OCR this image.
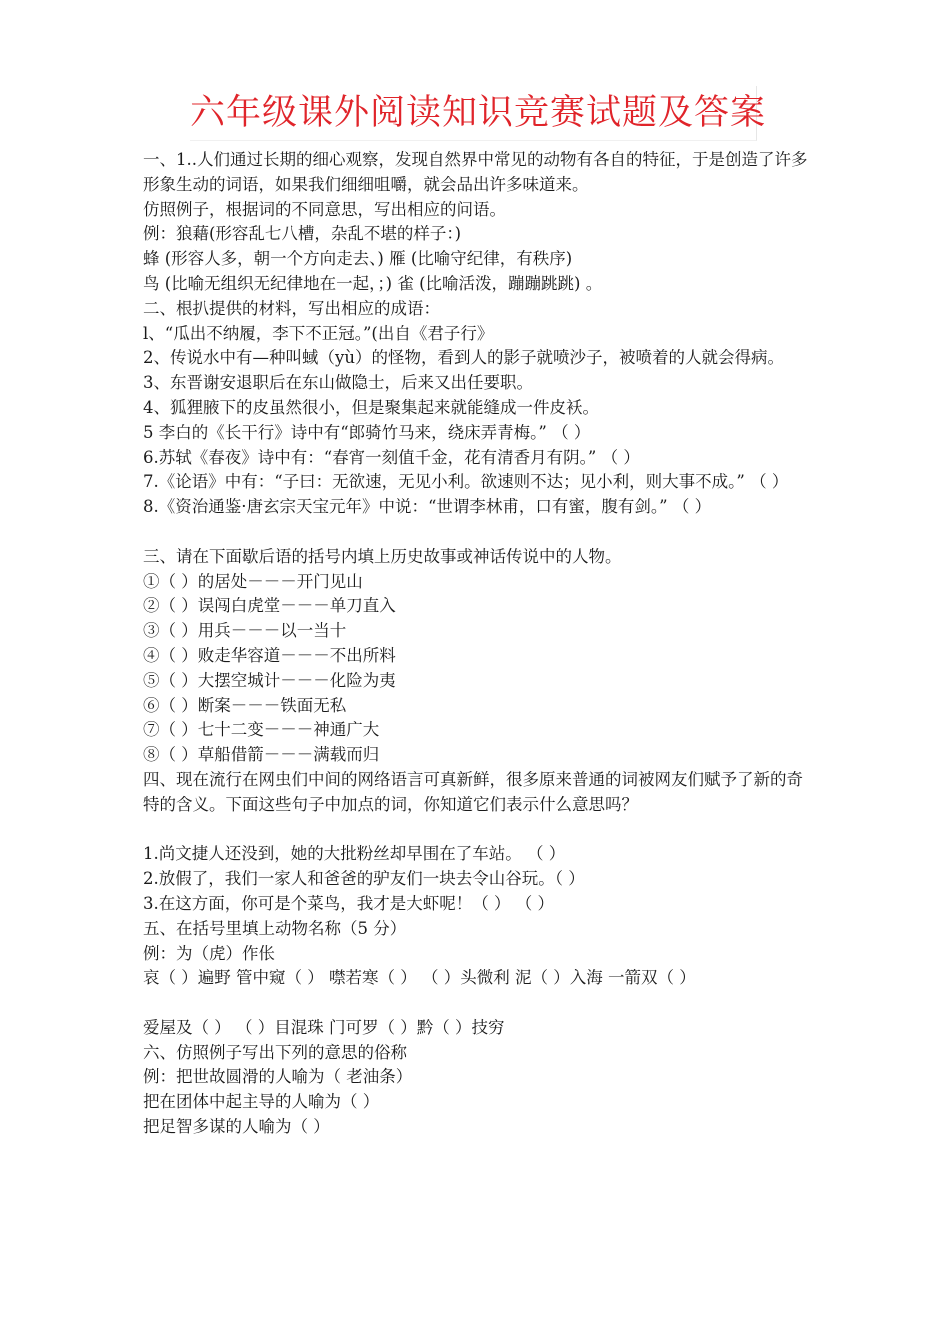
六年级课外阅读知识竞赛试题及答案

一、1..人们通过长期的细心观察，发现自然界中常见的动物有各自的特征，于是创造了许多形象生动的词语，如果我们细细咀嚼，就会品出许多味道来。

仿照例子，根据词的不同意思，写出相应的问语。

例：狼藉(形容乱七八槽，杂乱不堪的样子：)

蜂 (形容人多，朝一个方向走去、) 雁 (比喻守纪律，有秩序)

鸟 (比喻无组织无纪律地在一起，；) 雀 (比喻活泼，蹦蹦跳跳) 。

二、根扒提供的材料，写出相应的成语：

l、“瓜出不纳履，李下不正冠。”(出自《君子行》

2、传说水中有—种叫蜮（yù）的怪物，看到人的影子就喷沙子，被喷着的人就会得病。

3、东晋谢安退职后在东山做隐士，后来又出任要职。

4、狐狸腋下的皮虽然很小，但是聚集起来就能缝成一件皮袄。

5 李白的《长干行》诗中有“郎骑竹马来，绕床弄青梅。” （ ）

6.苏轼《春夜》诗中有：“春宵一刻值千金，花有清香月有阴。” （ ）

7.《论语》中有：“子曰：无欲速，无见小利。欲速则不达；见小利，则大事不成。” （ ）

8.《资治通鉴·唐玄宗天宝元年》中说：“世谓李林甫，口有蜜，腹有剑。” （ ）

三、请在下面歇后语的括号内填上历史故事或神话传说中的人物。

①（ ）的居处－－－开门见山

②（ ）误闯白虎堂－－－单刀直入

③（ ）用兵－－－以一当十

④（ ）败走华容道－－－不出所料

⑤（ ）大摆空城计－－－化险为夷

⑥（ ）断案－－－铁面无私

⑦（ ）七十二变－－－神通广大

⑧（ ）草船借箭－－－满载而归

四、现在流行在网虫们中间的网络语言可真新鲜，很多原来普通的词被网友们赋予了新的奇特的含义。下面这些句子中加点的词，你知道它们表示什么意思吗？

1.尚文捷人还没到，她的大批粉丝却早围在了车站。 （ ）

2.放假了，我们一家人和爸爸的驴友们一块去令山谷玩。（ ）

3.在这方面，你可是个菜鸟，我才是大虾呢！（ ） （ ）

五、在括号里填上动物名称（5 分）

例：为（虎）作伥

哀（ ）遍野 管中窥（ ） 噤若寒（ ） （ ）头微利 泥（ ）入海 一箭双（ ）

爱屋及（ ） （ ）目混珠 门可罗（ ）黔（ ）技穷

六、仿照例子写出下列的意思的俗称

例：把世故圆滑的人喻为（ 老油条）

把在团体中起主导的人喻为（ ）

把足智多谋的人喻为（ ）
